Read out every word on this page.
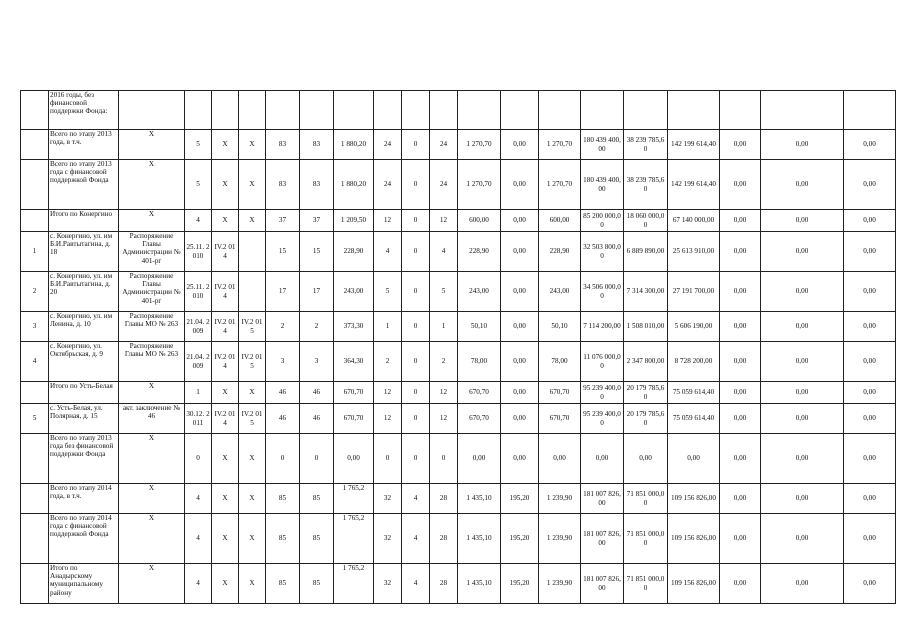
	2016 годы, без финансовой поддержки Фонда:																			
	Всего по этапу 2013 года, в т.ч.	X	5	X	X	83	83	1 880,20	24	0	24	1 270,70	0,00	1 270,70	180 439 400,00	38 239 785,60	142 199 614,40	0,00	0,00	0,00
	Всего по этапу 2013 года с финансовой поддержкой Фонда	X	5	X	X	83	83	1 880,20	24	0	24	1 270,70	0,00	1 270,70	180 439 400,00	38 239 785,60	142 199 614,40	0,00	0,00	0,00
	Итого по Конергино	X	4	X	X	37	37	1 209,50	12	0	12	600,00	0,00	600,00	85 200 000,00	18 060 000,00	67 140 000,00	0,00	0,00	0,00
1	с. Конергино, ул. им Б.И.Равтытагина, д. 18	Распоряжение Главы Администрации № 401-рг	25.11. 2010	IV.2 014		15	15	228,90	4	0	4	228,90	0,00	228,90	32 503 800,00	6 889 890,00	25 613 910,00	0,00	0,00	0,00
2	с. Конергино, ул. им Б.И.Равтытагина, д. 20	Распоряжение Главы Администрации № 401-рг	25.11. 2010	IV.2 014		17	17	243,00	5	0	5	243,00	0,00	243,00	34 506 000,00	7 314 300,00	27 191 700,00	0,00	0,00	0,00
3	с. Конергино, ул. им Ленина, д. 10	Распоряжение Главы МО № 263	21.04. 2009	IV.2 014	IV.2 015	2	2	373,30	1	0	1	50,10	0,00	50,10	7 114 200,00	1 508 010,00	5 606 190,00	0,00	0,00	0,00
4	с. Конергино, ул. Октябрьская, д. 9	Распоряжение Главы МО № 263	21.04. 2009	IV.2 014	IV.2 015	3	3	364,30	2	0	2	78,00	0,00	78,00	11 076 000,00	2 347 800,00	8 728 200,00	0,00	0,00	0,00
	Итого по Усть-Белая	X	1	X	X	46	46	670,70	12	0	12	670,70	0,00	670,70	95 239 400,00	20 179 785,60	75 059 614,40	0,00	0,00	0,00
5	с. Усть-Белая, ул. Полярная, д. 15	акт. заключение № 46	30.12. 2011	IV.2 014	IV.2 015	46	46	670,70	12	0	12	670,70	0,00	670,70	95 239 400,00	20 179 785,60	75 059 614,40	0,00	0,00	0,00
	Всего по этапу 2013 года без финансовой поддержки Фонда	X	0	X	X	0	0	0,00	0	0	0	0,00	0,00	0,00	0,00	0,00	0,00	0,00	0,00	0,00
	Всего по этапу 2014 года, в т.ч.	X	4	X	X	85	85	1 765,2	32	4	28	1 435,10	195,20	1 239,90	181 007 826,00	71 851 000,00	109 156 826,00	0,00	0,00	0,00
	Всего по этапу 2014 года с финансовой поддержкой Фонда	X	4	X	X	85	85	1 765,2	32	4	28	1 435,10	195,20	1 239,90	181 007 826,00	71 851 000,00	109 156 826,00	0,00	0,00	0,00
	Итого по Анадырскому муниципальному району	X	4	X	X	85	85	1 765,2	32	4	28	1 435,10	195,20	1 239,90	181 007 826,00	71 851 000,00	109 156 826,00	0,00	0,00	0,00
